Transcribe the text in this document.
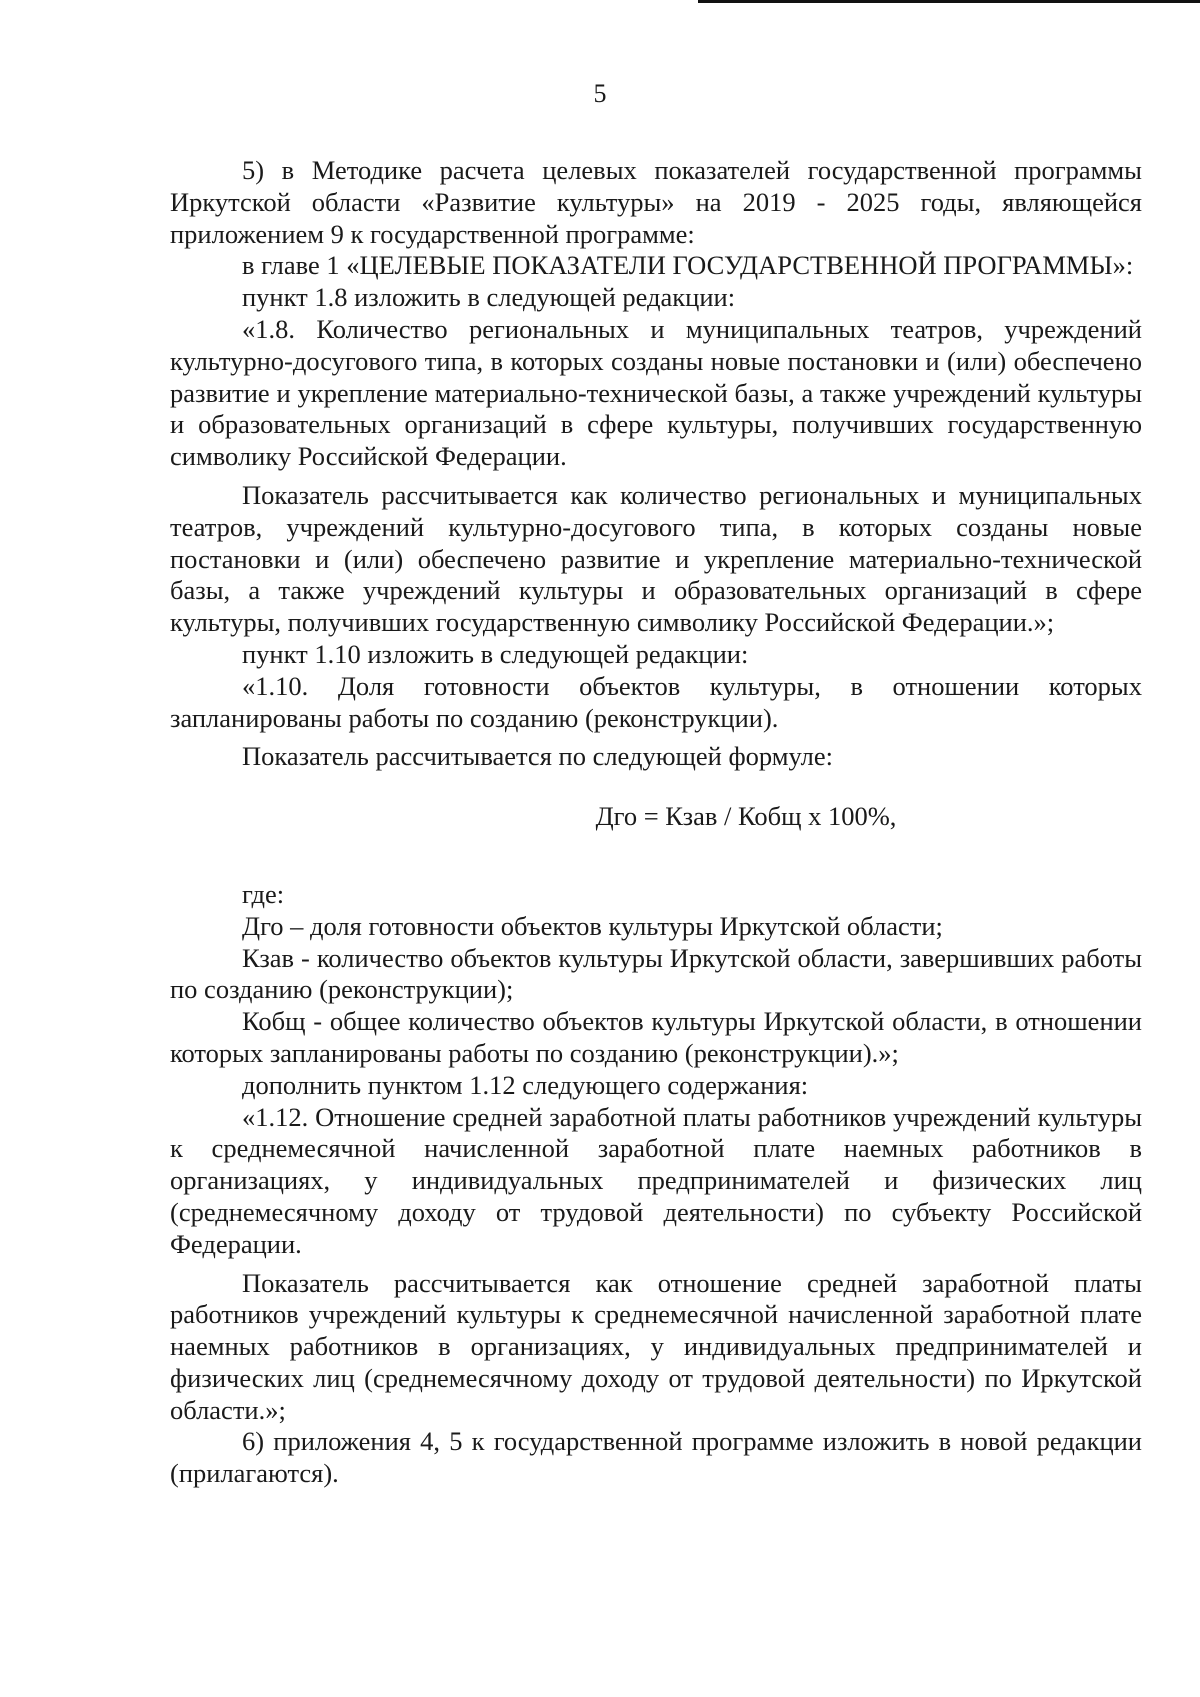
5

5) в Методике расчета целевых показателей государственной программы Иркутской области «Развитие культуры» на 2019 - 2025 годы, являющейся приложением 9 к государственной программе:

в главе 1 «ЦЕЛЕВЫЕ ПОКАЗАТЕЛИ ГОСУДАРСТВЕННОЙ ПРОГРАММЫ»:

пункт 1.8 изложить в следующей редакции:

«1.8. Количество региональных и муниципальных театров, учреждений культурно-досугового типа, в которых созданы новые постановки и (или) обеспечено развитие и укрепление материально-технической базы, а также учреждений культуры и образовательных организаций в сфере культуры, получивших государственную символику Российской Федерации.

Показатель рассчитывается как количество региональных и муниципальных театров, учреждений культурно-досугового типа, в которых созданы новые постановки и (или) обеспечено развитие и укрепление материально-технической базы, а также учреждений культуры и образовательных организаций в сфере культуры, получивших государственную символику Российской Федерации.»;

пункт 1.10 изложить в следующей редакции:

«1.10. Доля готовности объектов культуры, в отношении которых запланированы работы по созданию (реконструкции).

Показатель рассчитывается по следующей формуле:

Дго = Кзав / Кобщ х 100%,

где:

Дго – доля готовности объектов культуры Иркутской области;

Кзав - количество объектов культуры Иркутской области, завершивших работы по созданию (реконструкции);

Кобщ - общее количество объектов культуры Иркутской области, в отношении которых запланированы работы по созданию (реконструкции).»;

дополнить пунктом 1.12 следующего содержания:

«1.12. Отношение средней заработной платы работников учреждений культуры к среднемесячной начисленной заработной плате наемных работников в организациях, у индивидуальных предпринимателей и физических лиц (среднемесячному доходу от трудовой деятельности) по субъекту Российской Федерации.

Показатель рассчитывается как отношение средней заработной платы работников учреждений культуры к среднемесячной начисленной заработной плате наемных работников в организациях, у индивидуальных предпринимателей и физических лиц (среднемесячному доходу от трудовой деятельности) по Иркутской области.»;

6) приложения 4, 5 к государственной программе изложить в новой редакции (прилагаются).
